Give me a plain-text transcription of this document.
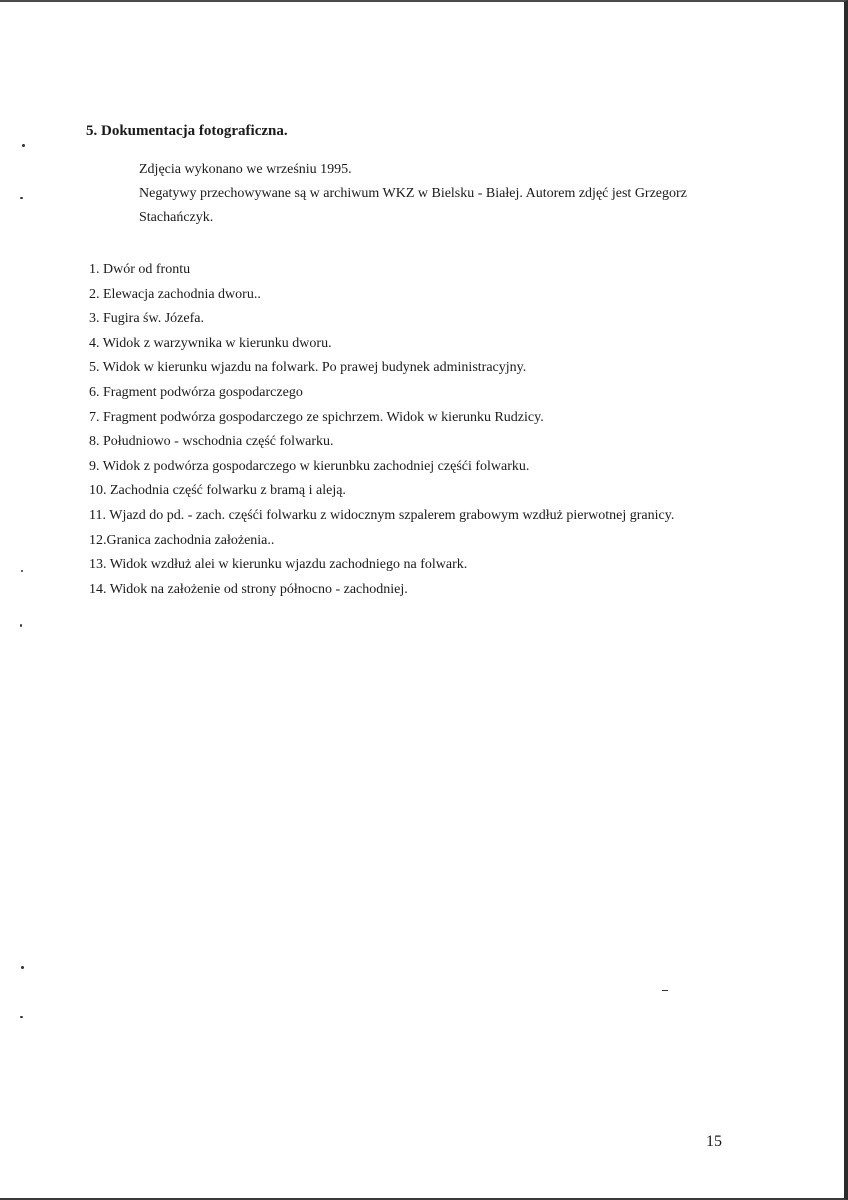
5. Dokumentacja fotograficzna.

Zdjęcia wykonano we wrześniu 1995.

Negatywy przechowywane są w archiwum WKZ w Bielsku - Białej. Autorem zdjęć jest Grzegorz Stachańczyk.

1. Dwór od frontu
2. Elewacja zachodnia dworu..
3. Fugira św. Józefa.
4. Widok z warzywnika w kierunku dworu.
5. Widok w kierunku wjazdu na folwark. Po prawej budynek administracyjny.
6. Fragment podwórza gospodarczego
7. Fragment podwórza gospodarczego ze spichrzem. Widok w kierunku Rudzicy.
8. Południowo - wschodnia część folwarku.
9. Widok z podwórza gospodarczego w kierunbku zachodniej częśći folwarku.
10. Zachodnia część folwarku z bramą i aleją.
11. Wjazd do pd. - zach. częśći folwarku z widocznym szpalerem grabowym wzdłuż pierwotnej granicy.
12.Granica zachodnia założenia..
13. Widok wzdłuż alei w kierunku wjazdu zachodniego na folwark.
14. Widok na założenie od strony północno - zachodniej.
15
